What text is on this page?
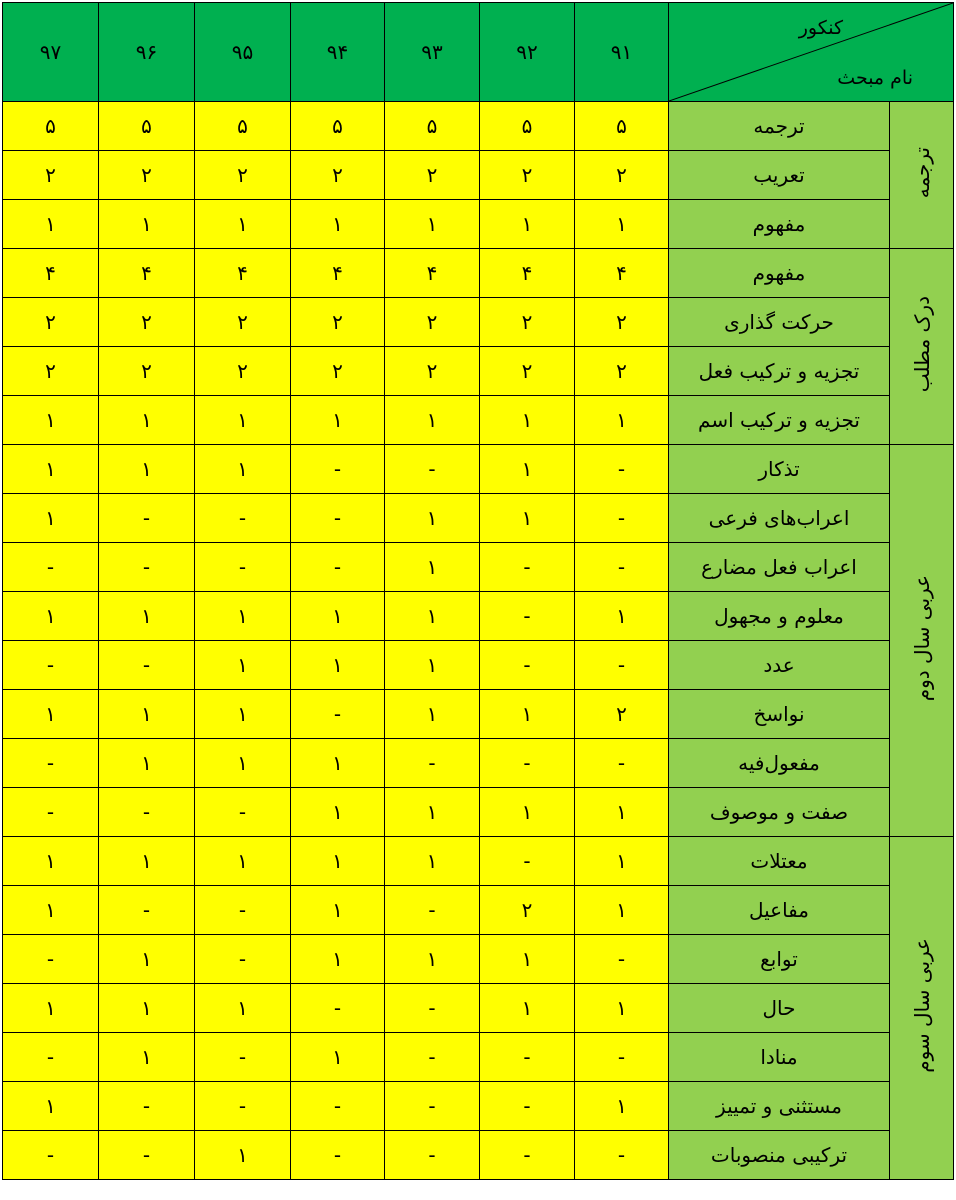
کنکور
نام مبحث		۹۱	۹۲	۹۳	۹۴	۹۵	۹۶	۹۷
ترجمه	ترجمه	۵	۵	۵	۵	۵	۵	۵
	تعریب	۲	۲	۲	۲	۲	۲	۲
	مفهوم	۱	۱	۱	۱	۱	۱	۱
درک مطلب	مفهوم	۴	۴	۴	۴	۴	۴	۴
	حرکت گذاری	۲	۲	۲	۲	۲	۲	۲
	تجزیه و ترکیب فعل	۲	۲	۲	۲	۲	۲	۲
	تجزیه و ترکیب اسم	۱	۱	۱	۱	۱	۱	۱
عربی سال دوم	تذکار	-	۱	-	-	۱	۱	۱
	اعراب‌های فرعی	-	۱	۱	-	-	-	۱
	اعراب فعل مضارع	-	-	۱	-	-	-	-
	معلوم و مجهول	۱	-	۱	۱	۱	۱	۱
	عدد	-	-	۱	۱	۱	-	-
	نواسخ	۲	۱	۱	-	۱	۱	۱
	مفعول‌فیه	-	-	-	۱	۱	۱	-
	صفت و موصوف	۱	۱	۱	۱	-	-	-
عربی سال سوم	معتلات	۱	-	۱	۱	۱	۱	۱
	مفاعیل	۱	۲	-	۱	-	-	۱
	توابع	-	۱	۱	۱	-	۱	-
	حال	۱	۱	-	-	۱	۱	۱
	منادا	-	-	-	۱	-	۱	-
	مستثنی و تمییز	۱	-	-	-	-	-	۱
	ترکیبی منصوبات	-	-	-	-	۱	-	-
